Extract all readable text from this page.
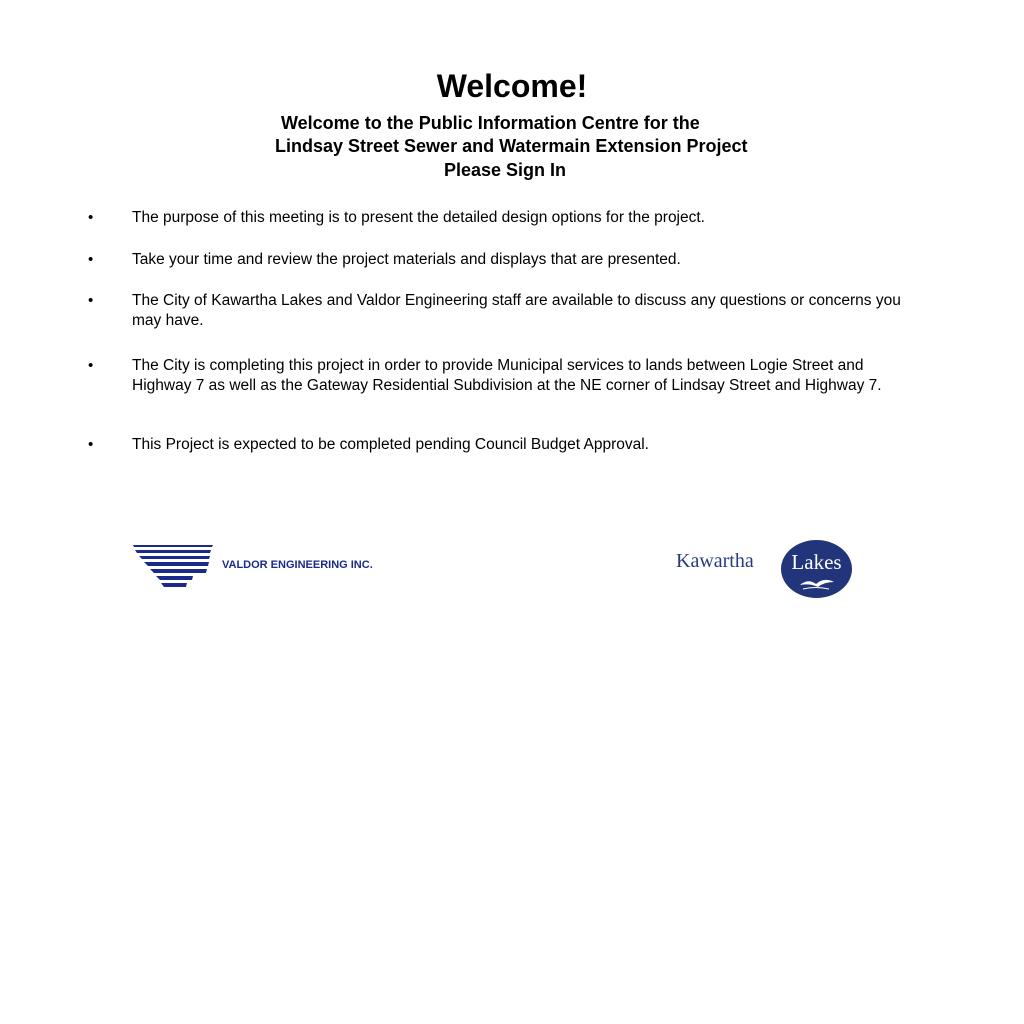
Welcome!

Welcome to the Public Information Centre for the

Lindsay Street Sewer and Watermain Extension Project

Please Sign In

• The purpose of this meeting is to present the detailed design options for the project.
• Take your time and review the project materials and displays that are presented.
• The City of Kawartha Lakes and Valdor Engineering staff are available to discuss any questions or concerns you may have.
• The City is completing this project in order to provide Municipal services to lands between Logie Street and Highway 7 as well as the Gateway Residential Subdivision at the NE corner of Lindsay Street and Highway 7.
• This Project is expected to be completed pending Council Budget Approval.
VALDOR ENGINEERING INC.	Kawartha	Lakes
